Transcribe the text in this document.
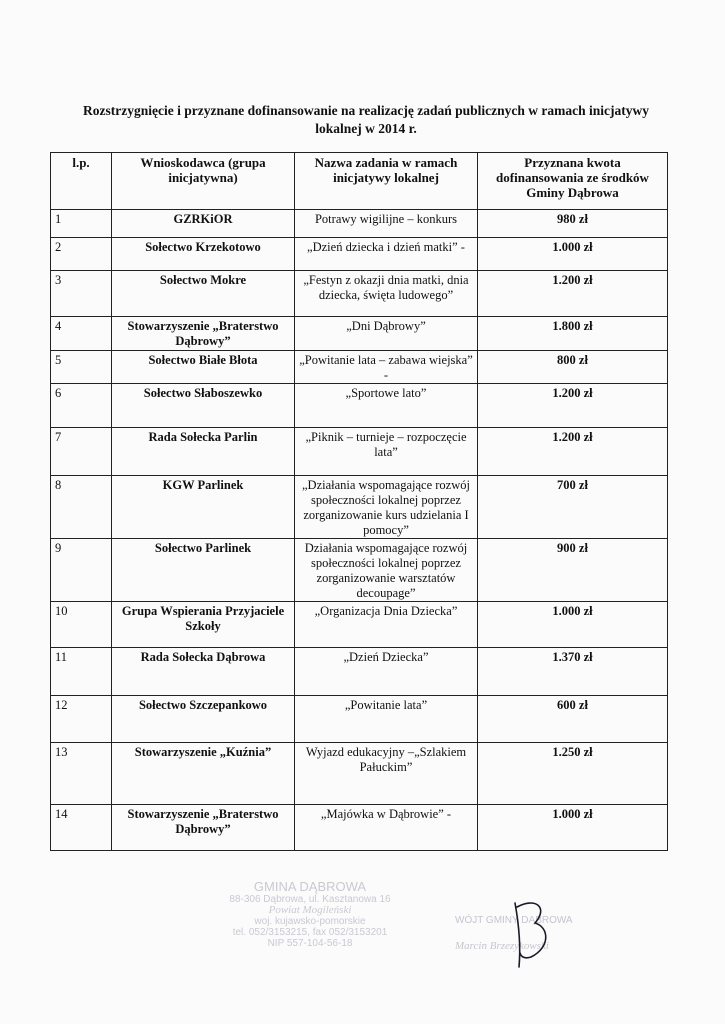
Rozstrzygnięcie i przyznane dofinansowanie na realizację zadań publicznych w ramach inicjatywy lokalnej w 2014 r.
l.p.	Wnioskodawca (grupa inicjatywna)	Nazwa zadania w ramach inicjatywy lokalnej	Przyznana kwota dofinansowania ze środków Gminy Dąbrowa
1	GZRKiOR	Potrawy wigilijne – konkurs	980 zł
2	Sołectwo Krzekotowo	„Dzień dziecka i dzień matki” -	1.000 zł
3	Sołectwo Mokre	„Festyn z okazji dnia matki, dnia dziecka, święta ludowego”	1.200 zł
4	Stowarzyszenie „Braterstwo Dąbrowy”	„Dni Dąbrowy”	1.800 zł
5	Sołectwo Białe Błota	„Powitanie lata – zabawa wiejska” -	800 zł
6	Sołectwo Słaboszewko	„Sportowe lato”	1.200 zł
7	Rada Sołecka Parlin	„Piknik – turnieje – rozpoczęcie lata”	1.200 zł
8	KGW Parlinek	„Działania wspomagające rozwój społeczności lokalnej poprzez zorganizowanie kurs udzielania I pomocy”	700 zł
9	Sołectwo Parlinek	Działania wspomagające rozwój społeczności lokalnej poprzez zorganizowanie warsztatów decoupage”	900 zł
10	Grupa Wspierania Przyjaciele Szkoły	„Organizacja Dnia Dziecka”	1.000 zł
11	Rada Sołecka Dąbrowa	„Dzień Dziecka”	1.370 zł
12	Sołectwo Szczepankowo	„Powitanie lata”	600 zł
13	Stowarzyszenie „Kuźnia”	Wyjazd edukacyjny –„Szlakiem Pałuckim”	1.250 zł
14	Stowarzyszenie „Braterstwo Dąbrowy”	„Majówka w Dąbrowie” -	1.000 zł
GMINA DĄBROWA
88-306 Dąbrowa, ul. Kasztanowa 16
Powiat Mogileński
woj. kujawsko-pomorskie
tel. 052/3153215, fax 052/3153201
NIP 557-104-56-18
WÓJT GMINY DĄBROWA
Marcin Brzezykowski
